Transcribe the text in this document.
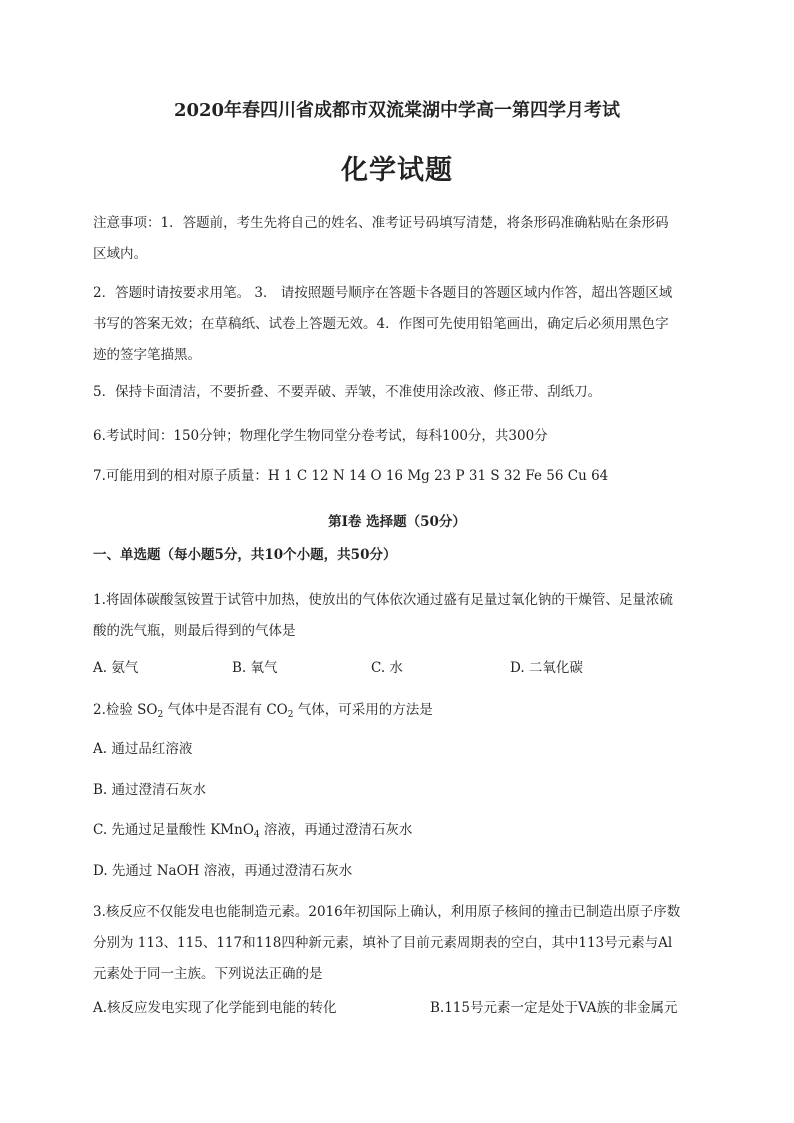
2020年春四川省成都市双流棠湖中学高一第四学月考试
化学试题
注意事项：1．答题前，考生先将自己的姓名、准考证号码填写清楚，将条形码准确粘贴在条形码
区域内。
2．答题时请按要求用笔。 3． 请按照题号顺序在答题卡各题目的答题区域内作答，超出答题区域
书写的答案无效；在草稿纸、试卷上答题无效。4．作图可先使用铅笔画出，确定后必须用黑色字
迹的签字笔描黑。
5．保持卡面清洁，不要折叠、不要弄破、弄皱，不准使用涂改液、修正带、刮纸刀。
6.考试时间：150分钟；物理化学生物同堂分卷考试，每科100分，共300分
7.可能用到的相对原子质量：H 1 C 12 N 14 O 16 Mg 23 P 31 S 32 Fe 56 Cu 64
第Ⅰ卷 选择题（50分）
一、单选题（每小题5分，共10个小题，共50分）
1.将固体碳酸氢铵置于试管中加热，使放出的气体依次通过盛有足量过氧化钠的干燥管、足量浓硫
酸的洗气瓶，则最后得到的气体是
A. 氨气	B. 氧气	C. 水	D. 二氧化碳
2.检验 $SO_2$ 气体中是否混有 $CO_2$ 气体，可采用的方法是
A. 通过品红溶液
B. 通过澄清石灰水
C. 先通过足量酸性 KMnO$_4$ 溶液，再通过澄清石灰水
D. 先通过 NaOH 溶液，再通过澄清石灰水
3.核反应不仅能发电也能制造元素。2016年初国际上确认，利用原子核间的撞击已制造出原子序数
分别为 113、115、117和118四种新元素，填补了目前元素周期表的空白，其中113号元素与Al
元素处于同一主族。下列说法正确的是
A.核反应发电实现了化学能到电能的转化	B.115号元素一定是处于VA族的非金属元
